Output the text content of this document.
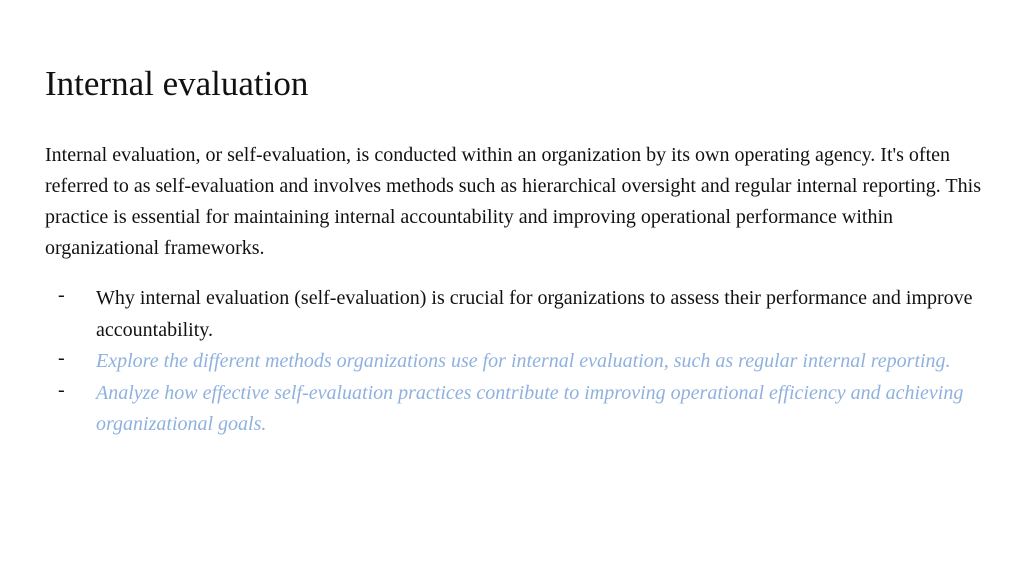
Internal evaluation

Internal evaluation, or self-evaluation, is conducted within an organization by its own operating agency. It's often referred to as self-evaluation and involves methods such as hierarchical oversight and regular internal reporting. This practice is essential for maintaining internal accountability and improving operational performance within organizational frameworks.

- Why internal evaluation (self-evaluation) is crucial for organizations to assess their performance and improve accountability.
- Explore the different methods organizations use for internal evaluation, such as regular internal reporting.
- Analyze how effective self-evaluation practices contribute to improving operational efficiency and achieving organizational goals.
